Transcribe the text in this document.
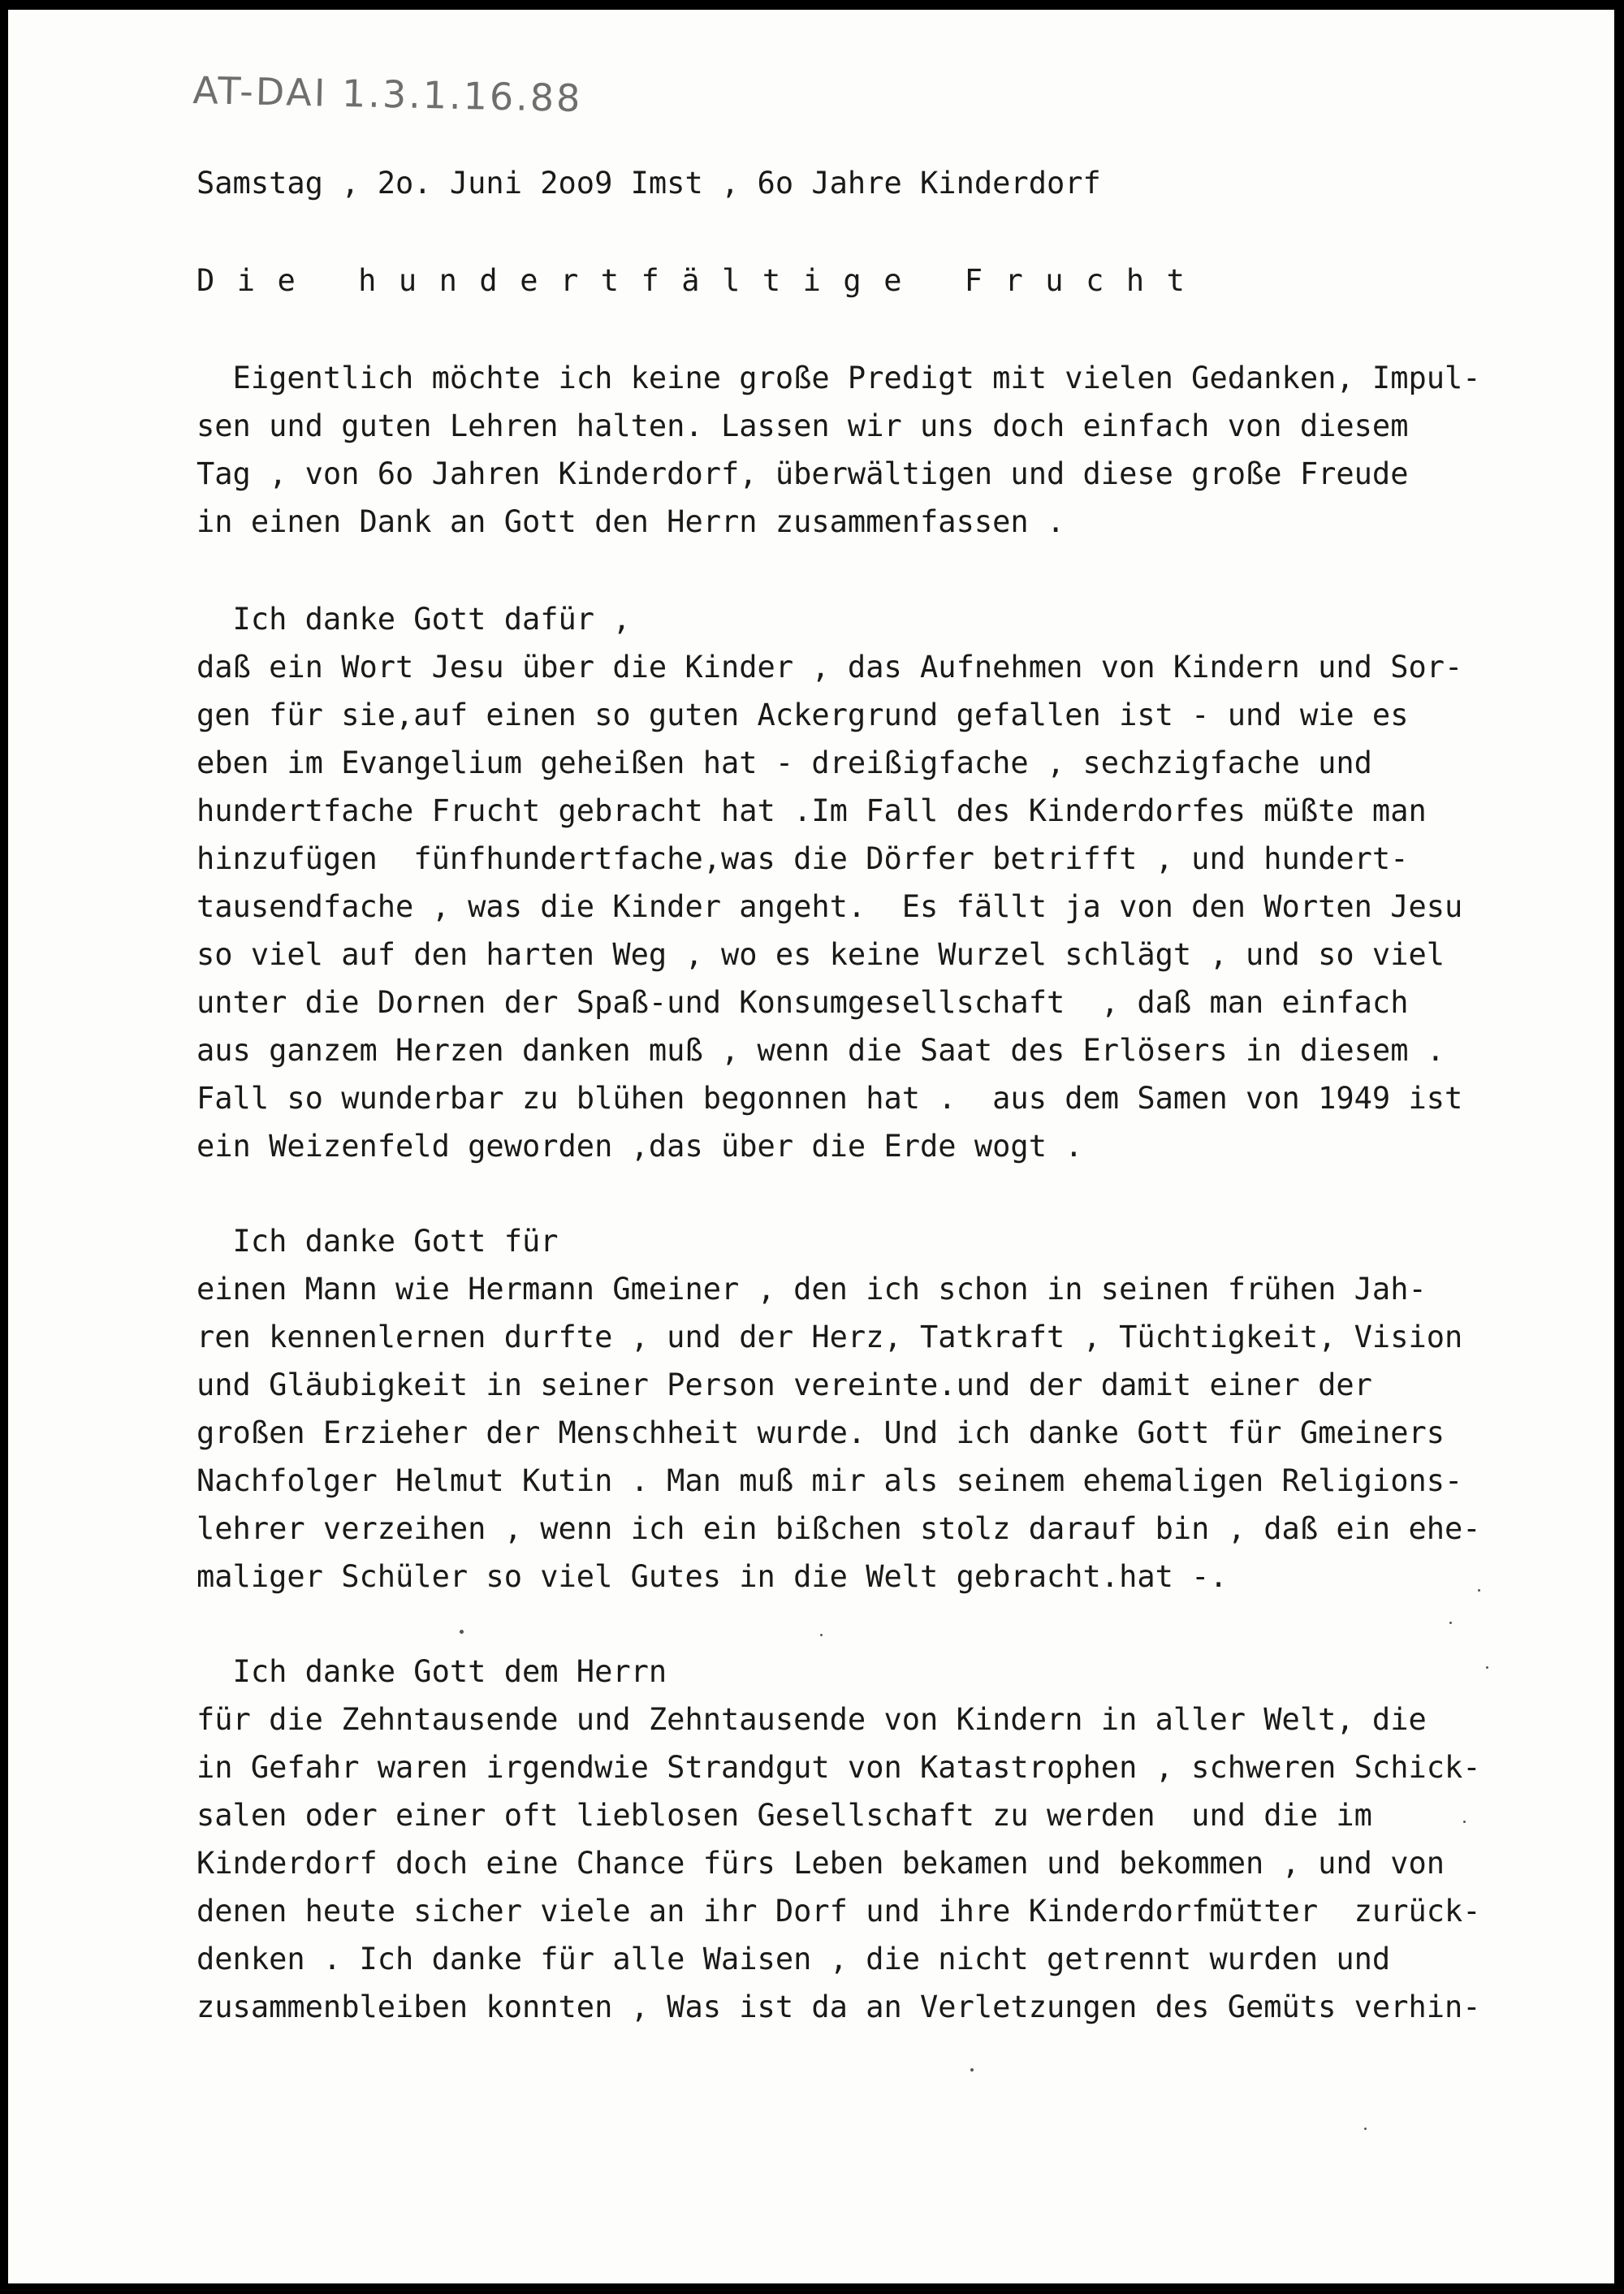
AT-DAI 1.3.1.16.88
Samstag , 2o. Juni 2oo9 Imst , 6o Jahre Kinderdorf
Die hundertfältige Frucht
Eigentlich möchte ich keine große Predigt mit vielen Gedanken, Impul-
sen und guten Lehren halten. Lassen wir uns doch einfach von diesem
Tag , von 6o Jahren Kinderdorf, überwältigen und diese große Freude
in einen Dank an Gott den Herrn zusammenfassen .
Ich danke Gott dafür ,
daß ein Wort Jesu über die Kinder , das Aufnehmen von Kindern und Sor-
gen für sie,auf einen so guten Ackergrund gefallen ist - und wie es
eben im Evangelium geheißen hat - dreißigfache , sechzigfache und
hundertfache Frucht gebracht hat .Im Fall des Kinderdorfes müßte man
hinzufügen  fünfhundertfache,was die Dörfer betrifft , und hundert-
tausendfache , was die Kinder angeht.  Es fällt ja von den Worten Jesu
so viel auf den harten Weg , wo es keine Wurzel schlägt , und so viel
unter die Dornen der Spaß-und Konsumgesellschaft  , daß man einfach
aus ganzem Herzen danken muß , wenn die Saat des Erlösers in diesem .
Fall so wunderbar zu blühen begonnen hat .  aus dem Samen von 1949 ist
ein Weizenfeld geworden ,das über die Erde wogt .
Ich danke Gott für
einen Mann wie Hermann Gmeiner , den ich schon in seinen frühen Jah-
ren kennenlernen durfte , und der Herz, Tatkraft , Tüchtigkeit, Vision
und Gläubigkeit in seiner Person vereinte.und der damit einer der
großen Erzieher der Menschheit wurde. Und ich danke Gott für Gmeiners
Nachfolger Helmut Kutin . Man muß mir als seinem ehemaligen Religions-
lehrer verzeihen , wenn ich ein bißchen stolz darauf bin , daß ein ehe-
maliger Schüler so viel Gutes in die Welt gebracht.hat -.
Ich danke Gott dem Herrn
für die Zehntausende und Zehntausende von Kindern in aller Welt, die
in Gefahr waren irgendwie Strandgut von Katastrophen , schweren Schick-
salen oder einer oft lieblosen Gesellschaft zu werden  und die im
Kinderdorf doch eine Chance fürs Leben bekamen und bekommen , und von
denen heute sicher viele an ihr Dorf und ihre Kinderdorfmütter  zurück-
denken . Ich danke für alle Waisen , die nicht getrennt wurden und
zusammenbleiben konnten , Was ist da an Verletzungen des Gemüts verhin-
